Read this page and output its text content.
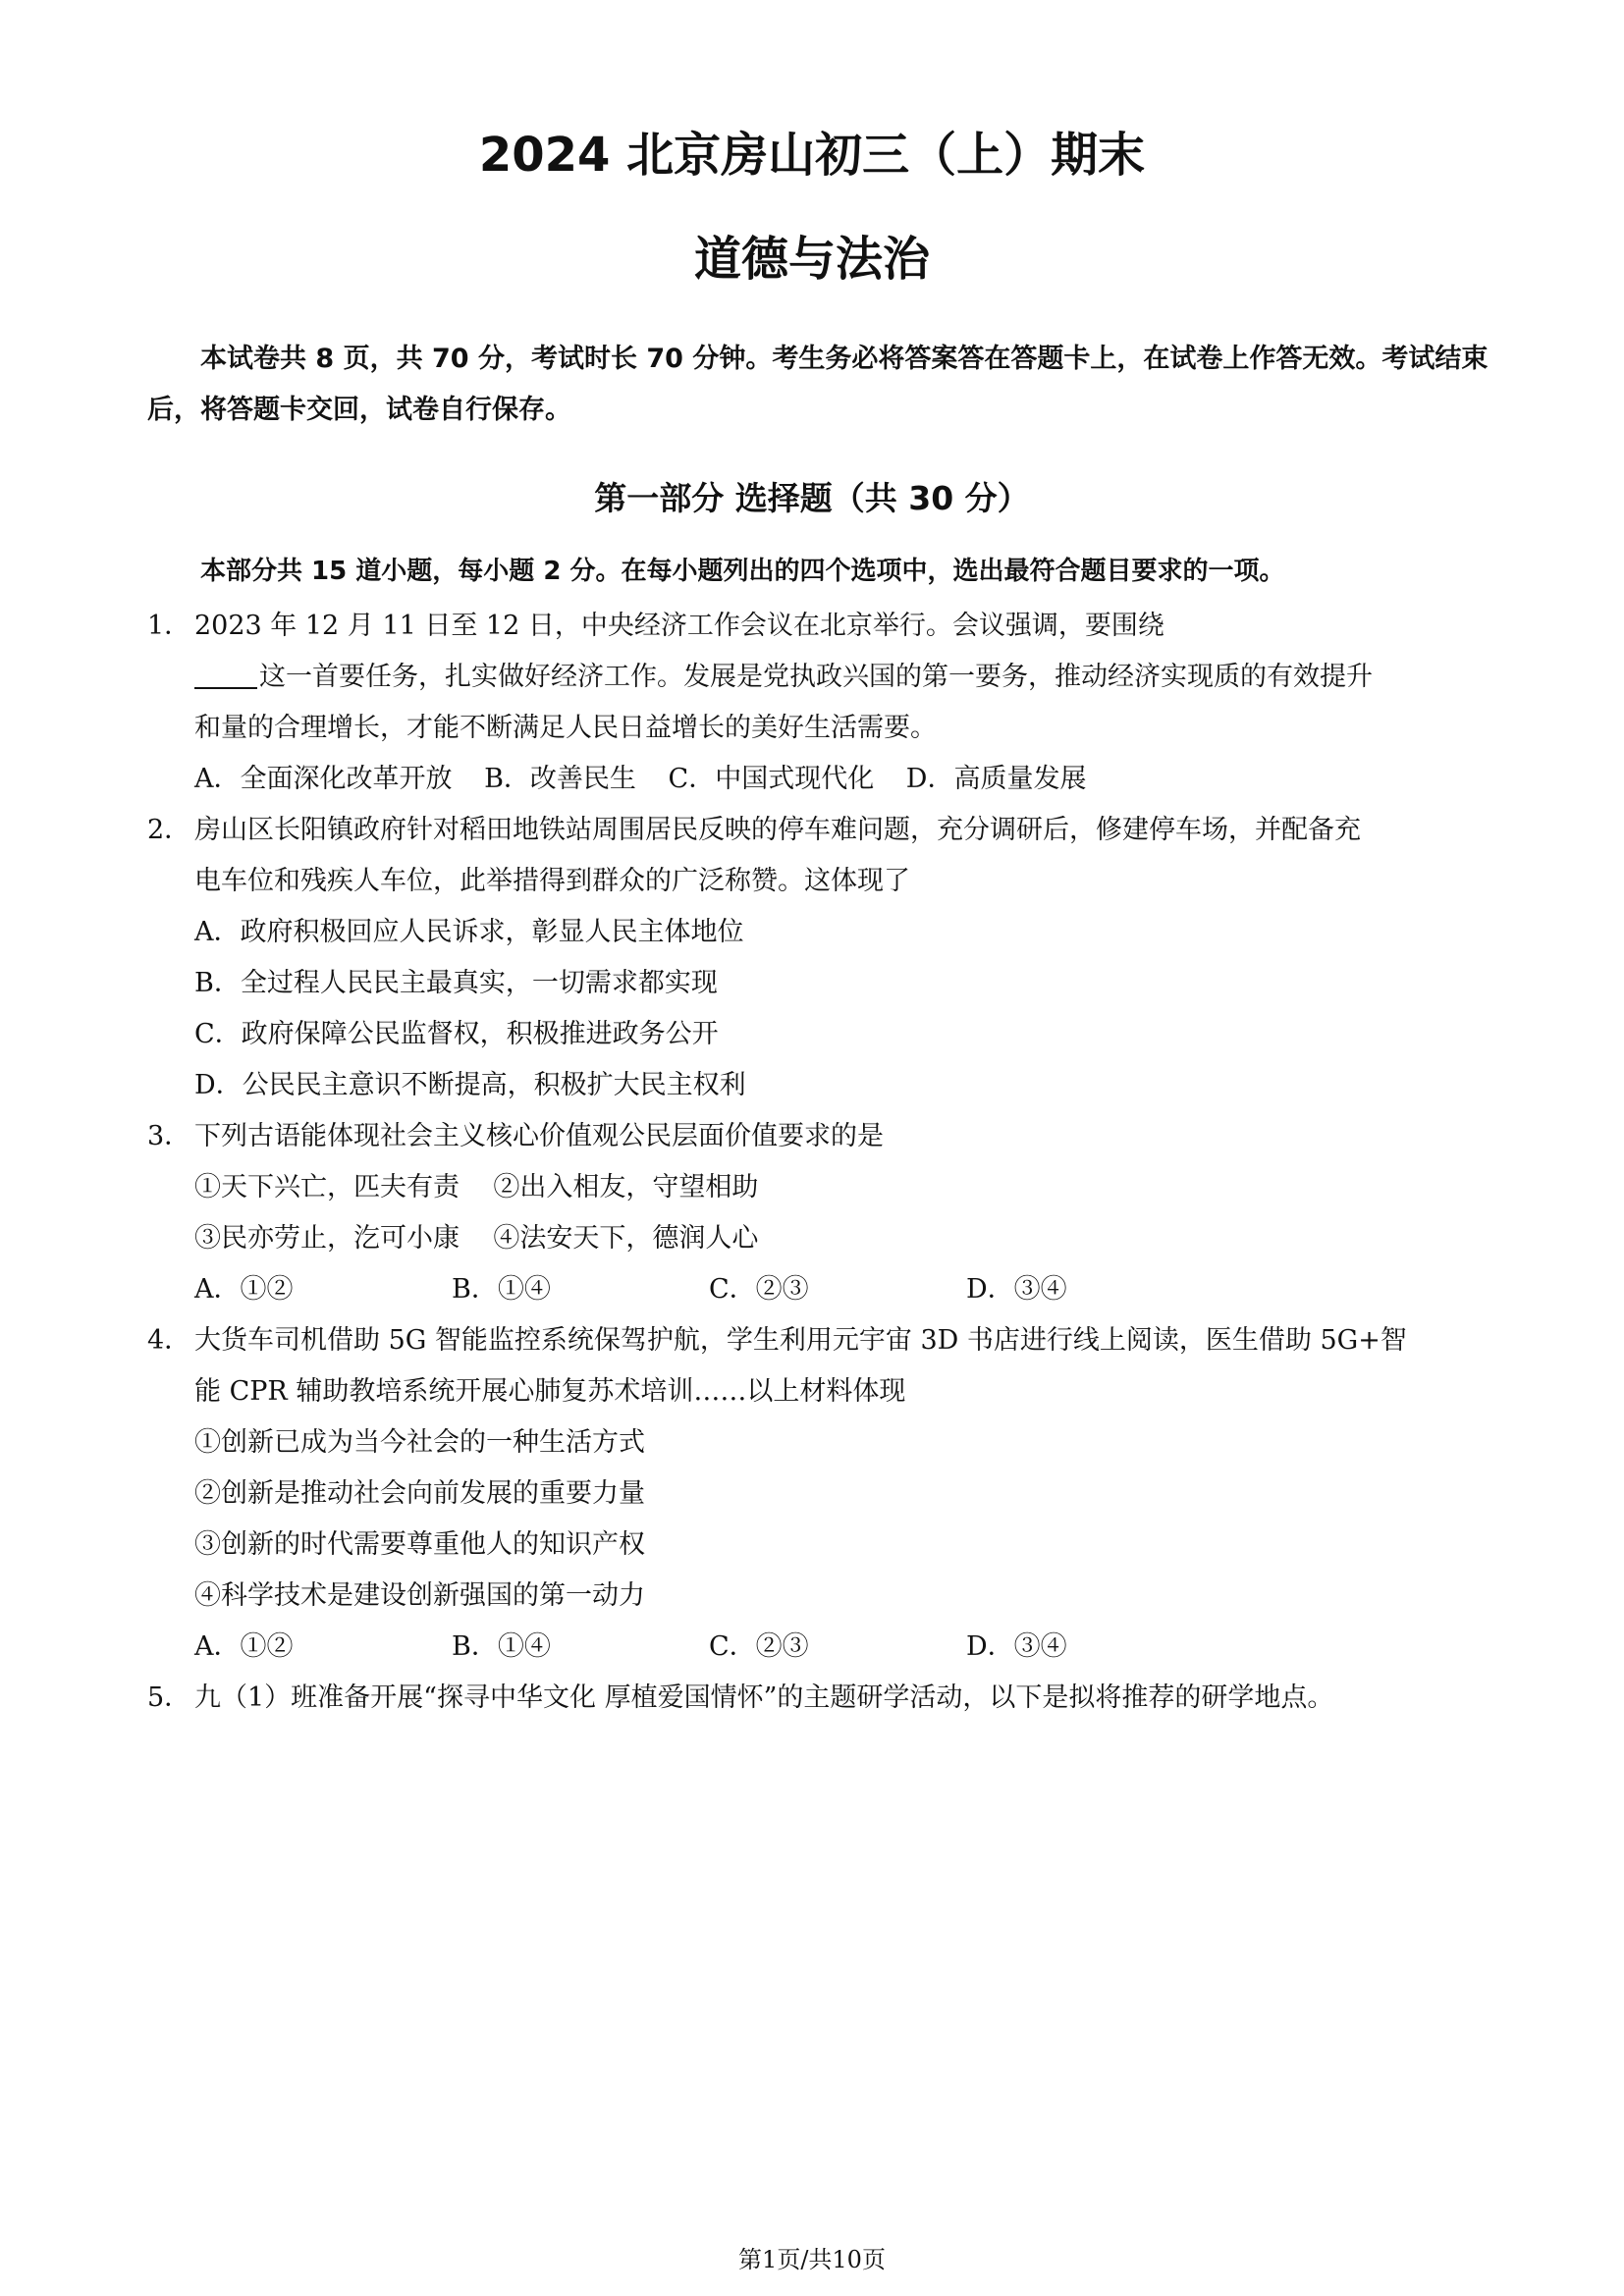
2024 北京房山初三（上）期末
道德与法治
本试卷共 8 页，共 70 分，考试时长 70 分钟。考生务必将答案答在答题卡上，在试卷上作答无效。考试结束后，将答题卡交回，试卷自行保存。
第一部分 选择题（共 30 分）
本部分共 15 道小题，每小题 2 分。在每小题列出的四个选项中，选出最符合题目要求的一项。
1． 2023 年 12 月 11 日至 12 日，中央经济工作会议在北京举行。会议强调，要围绕
这一首要任务，扎实做好经济工作。发展是党执政兴国的第一要务，推动经济实现质的有效提升
和量的合理增长，才能不断满足人民日益增长的美好生活需要。
A．全面深化改革开放 B．改善民生 C．中国式现代化 D．高质量发展
2． 房山区长阳镇政府针对稻田地铁站周围居民反映的停车难问题，充分调研后，修建停车场，并配备充
电车位和残疾人车位，此举措得到群众的广泛称赞。这体现了
A．政府积极回应人民诉求，彰显人民主体地位
B．全过程人民民主最真实，一切需求都实现
C．政府保障公民监督权，积极推进政务公开
D．公民民主意识不断提高，积极扩大民主权利
3． 下列古语能体现社会主义核心价值观公民层面价值要求的是
①天下兴亡，匹夫有责    ②出入相友，守望相助
③民亦劳止，汔可小康    ④法安天下，德润人心
A．①②	B．①④	C．②③	D．③④
4． 大货车司机借助 5G 智能监控系统保驾护航，学生利用元宇宙 3D 书店进行线上阅读，医生借助 5G+智
能 CPR 辅助教培系统开展心肺复苏术培训……以上材料体现
①创新已成为当今社会的一种生活方式
②创新是推动社会向前发展的重要力量
③创新的时代需要尊重他人的知识产权
④科学技术是建设创新强国的第一动力
A．①②	B．①④	C．②③	D．③④
5． 九（1）班准备开展“探寻中华文化 厚植爱国情怀”的主题研学活动，以下是拟将推荐的研学地点。
第1页/共10页
